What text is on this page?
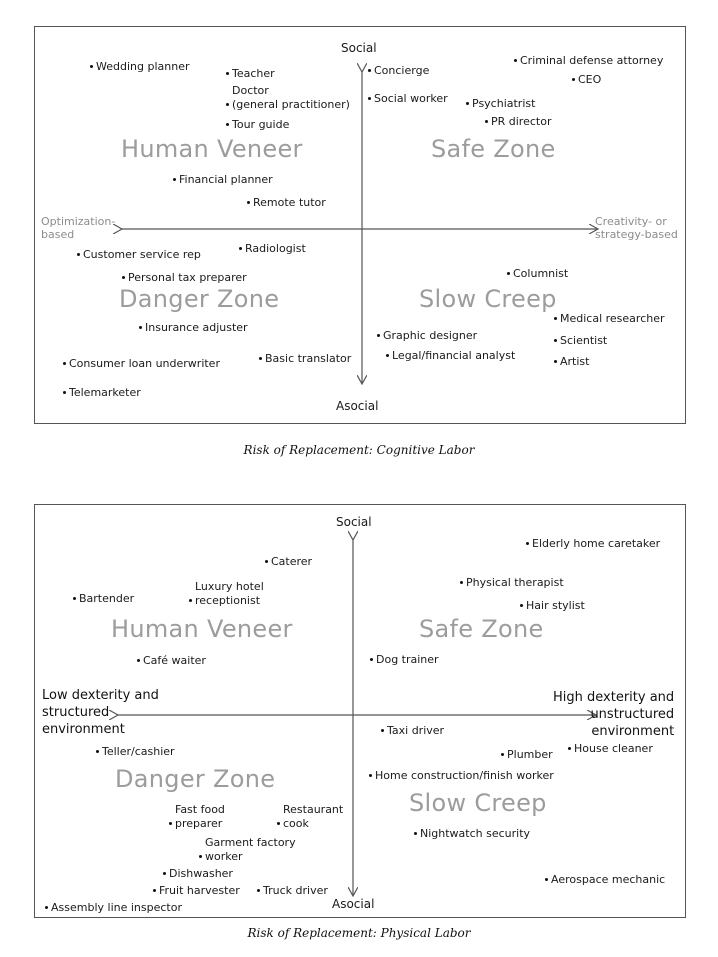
Social
Asocial
Optimization-
based
Creativity- or
strategy-based
Human Veneer	Safe Zone
Danger Zone	Slow Creep
Wedding planner
Teacher
Doctor
(general practitioner)
Tour guide
Financial planner
Remote tutor
Concierge
Social worker
Criminal defense attorney
CEO
Psychiatrist
PR director
Customer service rep	Radiologist
Personal tax preparer
Insurance adjuster
Consumer loan underwriter	Basic translator
Telemarketer
Columnist
Graphic designer
Legal/financial analyst
Medical researcher
Scientist
Artist
Risk of Replacement: Cognitive Labor
Social
Asocial
Low dexterity and
structured
environment
High dexterity and
unstructured
environment
Human Veneer	Safe Zone
Danger Zone
Slow Creep
Caterer
Bartender
Luxury hotel
receptionist
Café waiter
Elderly home caretaker
Physical therapist
Hair stylist
Dog trainer
Teller/cashier
Fast food
preparer
Restaurant
cook
Garment factory
worker
Dishwasher
Fruit harvester	Truck driver
Assembly line inspector
Taxi driver
Plumber	House cleaner
Home construction/finish worker
Nightwatch security
Aerospace mechanic
Risk of Replacement: Physical Labor
